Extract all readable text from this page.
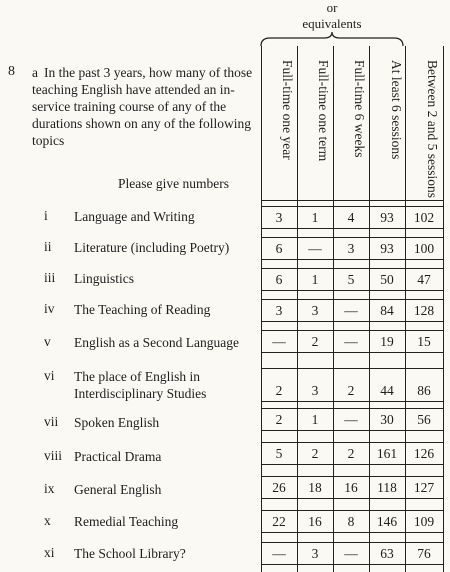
or
equivalents
8 a In the past 3 years, how many of those teaching English have attended an in-service training course of any of the durations shown on any of the following topics
Please give numbers
Full-time one year	Full-time one term	Full-time 6 weeks	At least 6 sessions	Between 2 and 5 sessions
i Language and Writing	3	1	4	93	102
ii Literature (including Poetry)	6	—	3	93	100
iii Linguistics	6	1	5	50	47
iv The Teaching of Reading	3	3	—	84	128
v English as a Second Language	—	2	—	19	15
vi The place of English in Interdisciplinary Studies	2	3	2	44	86
vii Spoken English	2	1	—	30	56
viii Practical Drama	5	2	2	161	126
ix General English	26	18	16	118	127
x Remedial Teaching	22	16	8	146	109
xi The School Library?	—	3	—	63	76
